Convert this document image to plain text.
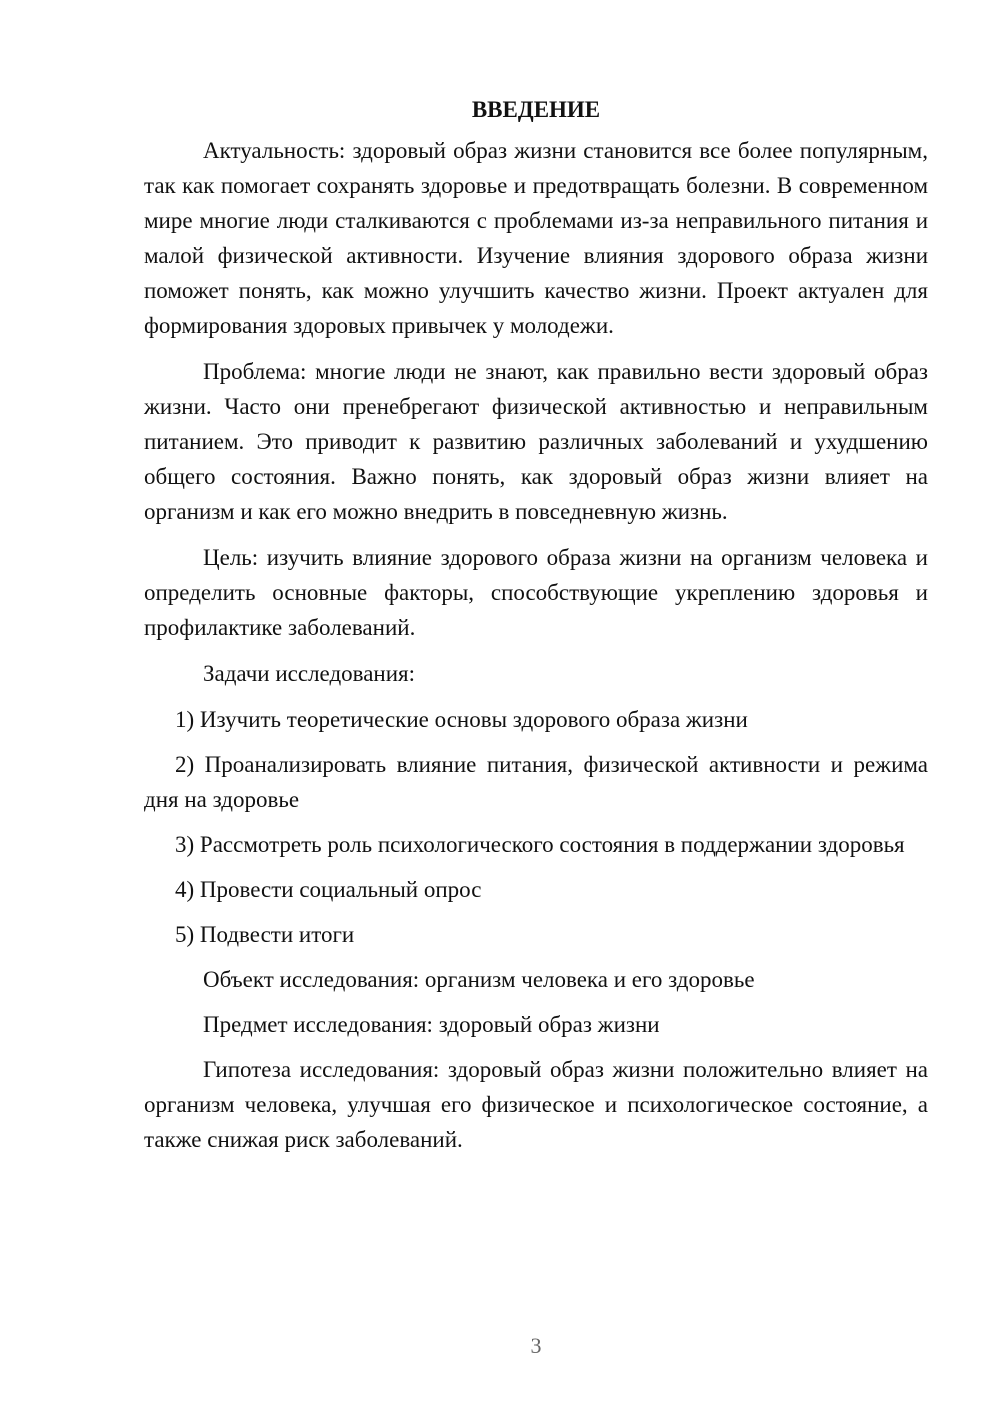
ВВЕДЕНИЕ

Актуальность: здоровый образ жизни становится все более популярным, так как помогает сохранять здоровье и предотвращать болезни. В современном мире многие люди сталкиваются с проблемами из-за неправильного питания и малой физической активности. Изучение влияния здорового образа жизни поможет понять, как можно улучшить качество жизни. Проект актуален для формирования здоровых привычек у молодежи.

Проблема: многие люди не знают, как правильно вести здоровый образ жизни. Часто они пренебрегают физической активностью и неправильным питанием. Это приводит к развитию различных заболеваний и ухудшению общего состояния. Важно понять, как здоровый образ жизни влияет на организм и как его можно внедрить в повседневную жизнь.

Цель: изучить влияние здорового образа жизни на организм человека и определить основные факторы, способствующие укреплению здоровья и профилактике заболеваний.

Задачи исследования:

1) Изучить теоретические основы здорового образа жизни

2) Проанализировать влияние питания, физической активности и режима дня на здоровье

3) Рассмотреть роль психологического состояния в поддержании здоровья

4) Провести социальный опрос

5) Подвести итоги

Объект исследования: организм человека и его здоровье

Предмет исследования: здоровый образ жизни

Гипотеза исследования: здоровый образ жизни положительно влияет на организм человека, улучшая его физическое и психологическое состояние, а также снижая риск заболеваний.

3
